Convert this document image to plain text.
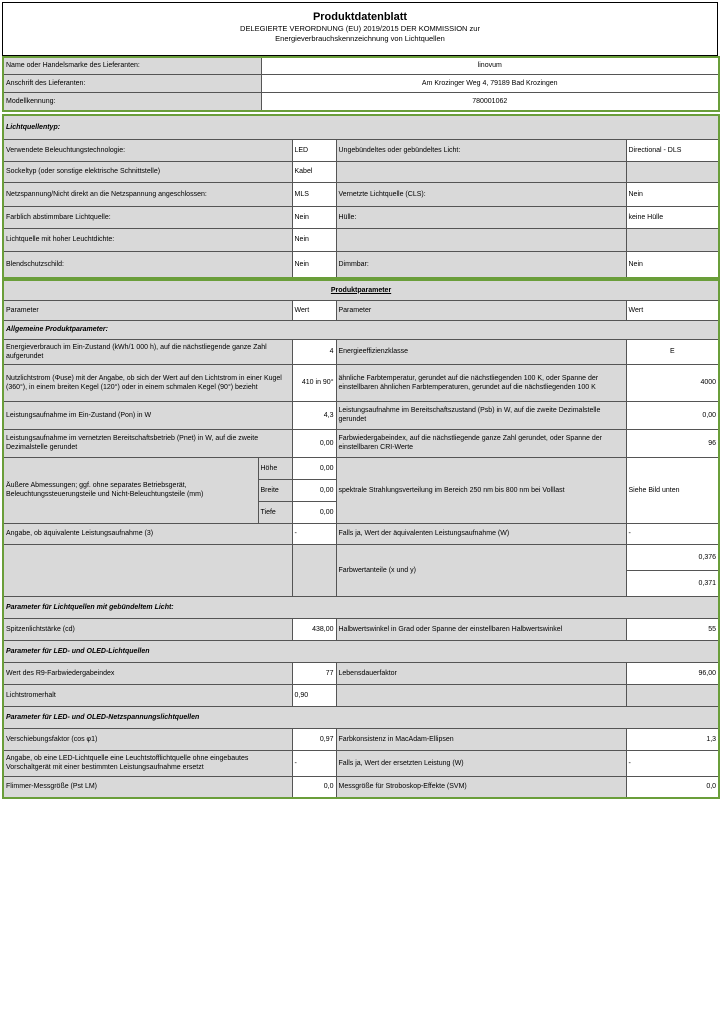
Produktdatenblatt
DELEGIERTE VERORDNUNG (EU) 2019/2015 DER KOMMISSION zur
Energieverbrauchskennzeichnung von Lichtquellen
Name oder Handelsmarke des Lieferanten:	linovum
Anschrift des Lieferanten:	Am Krozinger Weg 4, 79189 Bad Krozingen
Modellkennung:	780001062
Lichtquellentyp:			
Verwendete Beleuchtungstechnologie:	LED	Ungebündeltes oder gebündeltes Licht:	Directional - DLS
Sockeltyp (oder sonstige elektrische Schnittstelle)	Kabel		
Netzspannung/Nicht direkt an die Netzspannung angeschlossen:	MLS	Vernetzte Lichtquelle (CLS):	Nein
Farblich abstimmbare Lichtquelle:	Nein	Hülle:	keine Hülle
Lichtquelle mit hoher Leuchtdichte:	Nein		
Blendschutzschild:	Nein	Dimmbar:	Nein
Produktparameter				
Parameter		Wert	Parameter	Wert
Allgemeine Produktparameter:				
Energieverbrauch im Ein-Zustand (kWh/1 000 h), auf die nächstliegende ganze Zahl aufgerundet		4	Energieeffizienzklasse	E
Nutzlichtstrom (Φuse) mit der Angabe, ob sich der Wert auf den Lichtstrom in einer Kugel (360°), in einem breiten Kegel (120°) oder in einem schmalen Kegel (90°) bezieht		410 in 90°	ähnliche Farbtemperatur, gerundet auf die nächstliegenden 100 K, oder Spanne der einstellbaren ähnlichen Farbtemperaturen, gerundet auf die nächstliegenden 100 K	4000
Leistungsaufnahme im Ein-Zustand (Pon) in W		4,3	Leistungsaufnahme im Bereitschaftszustand (Psb) in W, auf die zweite Dezimalstelle gerundet	0,00
Leistungsaufnahme im vernetzten Bereitschaftsbetrieb (Pnet) in W, auf die zweite Dezimalstelle gerundet		0,00	Farbwiedergabeindex, auf die nächstliegende ganze Zahl gerundet, oder Spanne der einstellbaren CRI-Werte	96
Äußere Abmessungen; ggf. ohne separates Betriebsgerät, Beleuchtungssteuerungsteile und Nicht-Beleuchtungsteile (mm)	Höhe	0,00	spektrale Strahlungsverteilung im Bereich 250 nm bis 800 nm bei Volllast	Siehe Bild unten
	Breite	0,00		
	Tiefe	0,00		
Angabe, ob äquivalente Leistungsaufnahme (3)		-	Falls ja, Wert der äquivalenten Leistungsaufnahme (W)	-
			Farbwertanteile (x und y)	0,376
				0,371
Parameter für Lichtquellen mit gebündeltem Licht:				
Spitzenlichtstärke (cd)		438,00	Halbwertswinkel in Grad oder Spanne der einstellbaren Halbwertswinkel	55
Parameter für LED- und OLED-Lichtquellen				
Wert des R9-Farbwiedergabeindex		77	Lebensdauerfaktor	96,00
Lichtstromerhalt		0,90		
Parameter für LED- und OLED-Netzspannungslichtquellen				
Verschiebungsfaktor (cos φ1)		0,97	Farbkonsistenz in MacAdam-Ellipsen	1,3
Angabe, ob eine LED-Lichtquelle eine Leuchtstofflichtquelle ohne eingebautes Vorschaltgerät mit einer bestimmten Leistungsaufnahme ersetzt		-	Falls ja, Wert der ersetzten Leistung (W)	-
Flimmer-Messgröße (Pst LM)		0,0	Messgröße für Stroboskop-Effekte (SVM)	0,0
